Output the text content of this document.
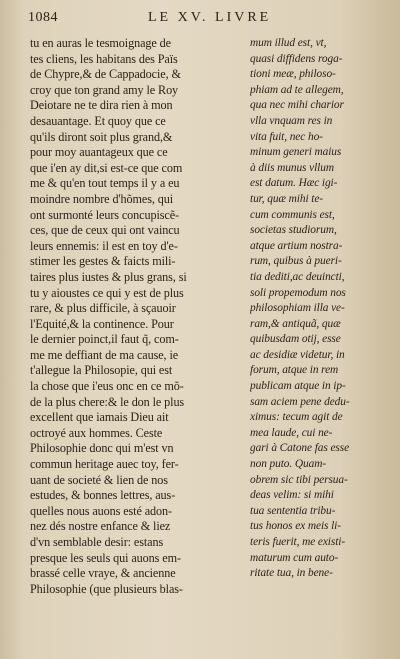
1084	LE XV. LIVRE
tu en auras le tesmoignage de
tes cliens, les habitans des Païs
de Chypre,& de Cappadocie, &
croy que ton grand amy le Roy
Deiotare ne te dira rien à mon
desauantage. Et quoy que ce
qu'ils diront soit plus grand,&
pour moy auantageux que ce
que i'en ay dit,si est-ce que com
me & qu'en tout temps il y a eu
moindre nombre d'hõmes, qui
ont surmonté leurs concupiscẽ-
ces, que de ceux qui ont vaincu
leurs ennemis: il est en toy d'e-
stimer les gestes & faicts mili-
taires plus iustes & plus grans, si
tu y aioustes ce qui y est de plus
rare, & plus difficile, à sçauoir
l'Equité,& la continence. Pour
le dernier poinct,il faut q̃, com-
me me deffiant de ma cause, ie
t'allegue la Philosopie, qui est
la chose que i'eus onc en ce mõ-
de la plus chere:& le don le plus
excellent que iamais Dieu ait
octroyé aux hommes. Ceste
Philosophie donc qui m'est vn
commun heritage auec toy, fer-
uant de societé & lien de nos
estudes, & bonnes lettres, aus-
quelles nous auons esté adon-
nez dés nostre enfance & liez
d'vn semblable desir: estans
presque les seuls qui auons em-
brassé celle vraye, & ancienne
Philosophie (que plusieurs blas-
mum illud est, vt,
quasi diffidens roga-
tioni meæ, philoso-
phiam ad te allegem,
qua nec mihi charior
vlla vnquam res in
vita fuit, nec ho-
minum generi maius
à diis munus vllum
est datum. Hæc igi-
tur, quæ mihi te-
cum communis est,
societas studiorum,
atque artium nostra-
rum, quibus à pueri-
tia dediti,ac deuincti,
soli propemodum nos
philosophiam illa ve-
ram,& antiquã, quæ
quibusdam otij, esse
ac desidiæ videtur, in
forum, atque in rem
publicam atque in ip-
sam aciem pene dedu-
ximus: tecum agit de
mea laude, cui ne-
gari à Catone fas esse
non puto. Quam-
obrem sic tibi persua-
deas velim: si mihi
tua sententia tribu-
tus honos ex meis li-
teris fuerit, me existi-
maturum cum auto-
ritate tua, in bene-
